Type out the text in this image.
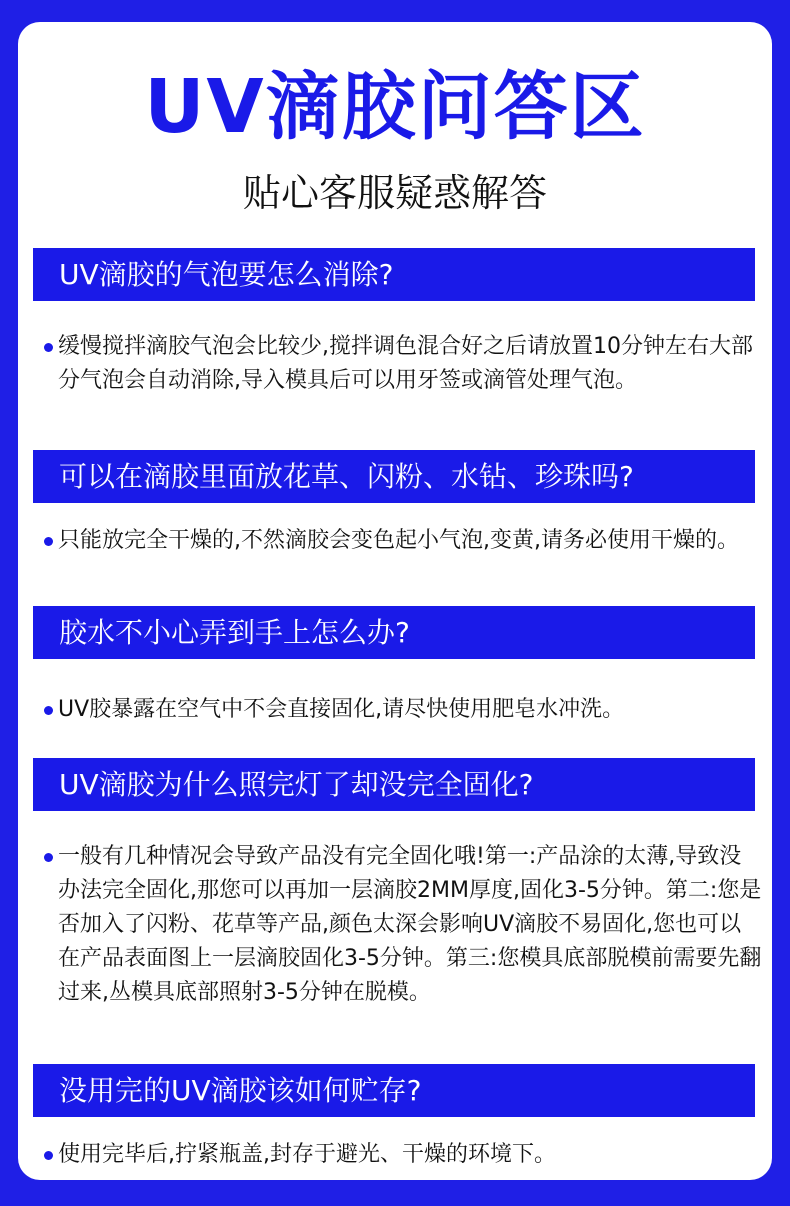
UV滴胶问答区
贴心客服疑惑解答
UV滴胶的气泡要怎么消除?
缓慢搅拌滴胶气泡会比较少,搅拌调色混合好之后请放置10分钟左右大部分气泡会自动消除,导入模具后可以用牙签或滴管处理气泡。
可以在滴胶里面放花草、闪粉、水钻、珍珠吗?
只能放完全干燥的,不然滴胶会变色起小气泡,变黄,请务必使用干燥的。
胶水不小心弄到手上怎么办?
UV胶暴露在空气中不会直接固化,请尽快使用肥皂水冲洗。
UV滴胶为什么照完灯了却没完全固化?
一般有几种情况会导致产品没有完全固化哦!第一:产品涂的太薄,导致没办法完全固化,那您可以再加一层滴胶2MM厚度,固化3-5分钟。第二:您是否加入了闪粉、花草等产品,颜色太深会影响UV滴胶不易固化,您也可以在产品表面图上一层滴胶固化3-5分钟。第三:您模具底部脱模前需要先翻过来,丛模具底部照射3-5分钟在脱模。
没用完的UV滴胶该如何贮存?
使用完毕后,拧紧瓶盖,封存于避光、干燥的环境下。
